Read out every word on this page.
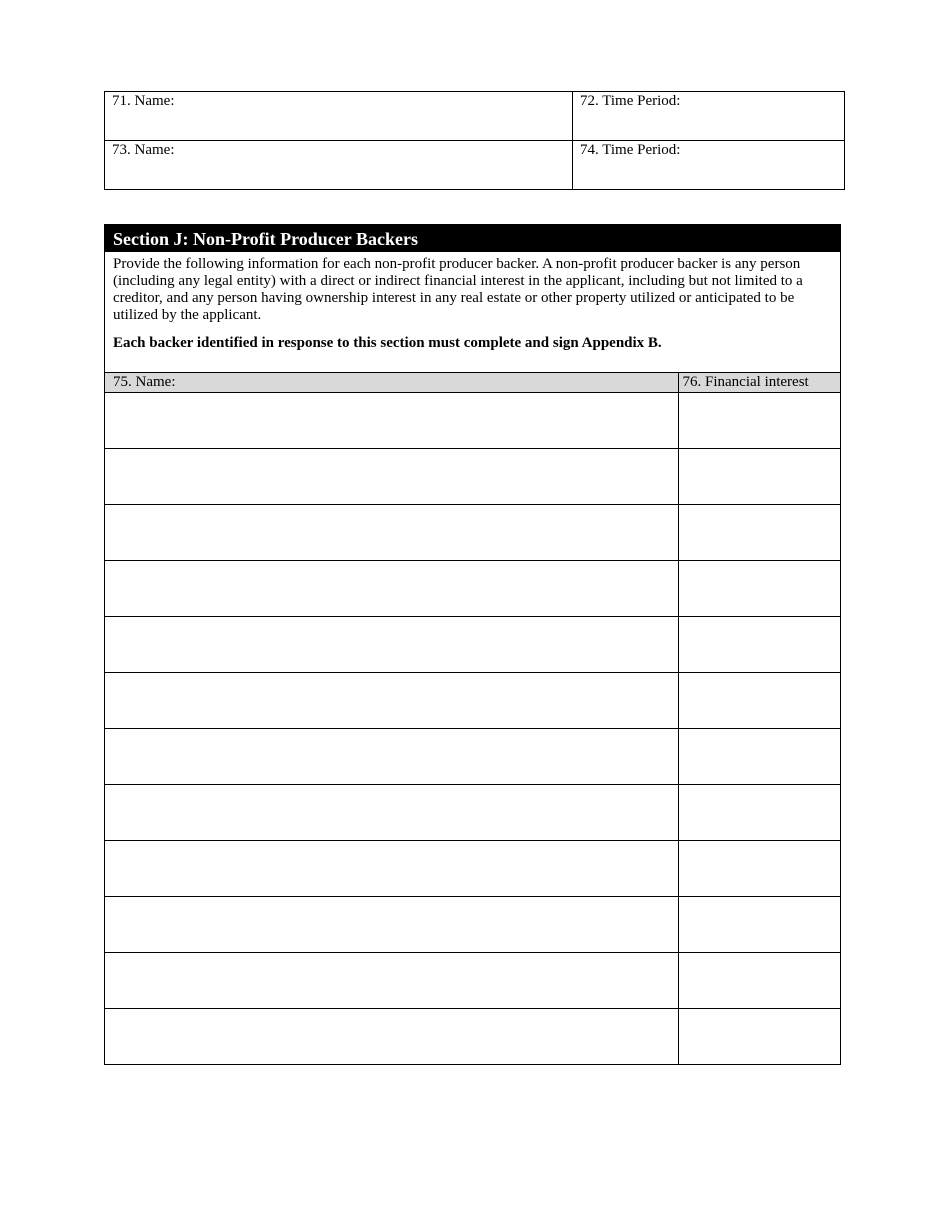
71. Name:	72. Time Period:
73. Name:	74. Time Period:
Section J: Non-Profit Producer Backers

Provide the following information for each non-profit producer backer. A non-profit producer backer is any person (including any legal entity) with a direct or indirect financial interest in the applicant, including but not limited to a creditor, and any person having ownership interest in any real estate or other property utilized or anticipated to be utilized by the applicant.

Each backer identified in response to this section must complete and sign Appendix B.

75. Name:	76. Financial interest
